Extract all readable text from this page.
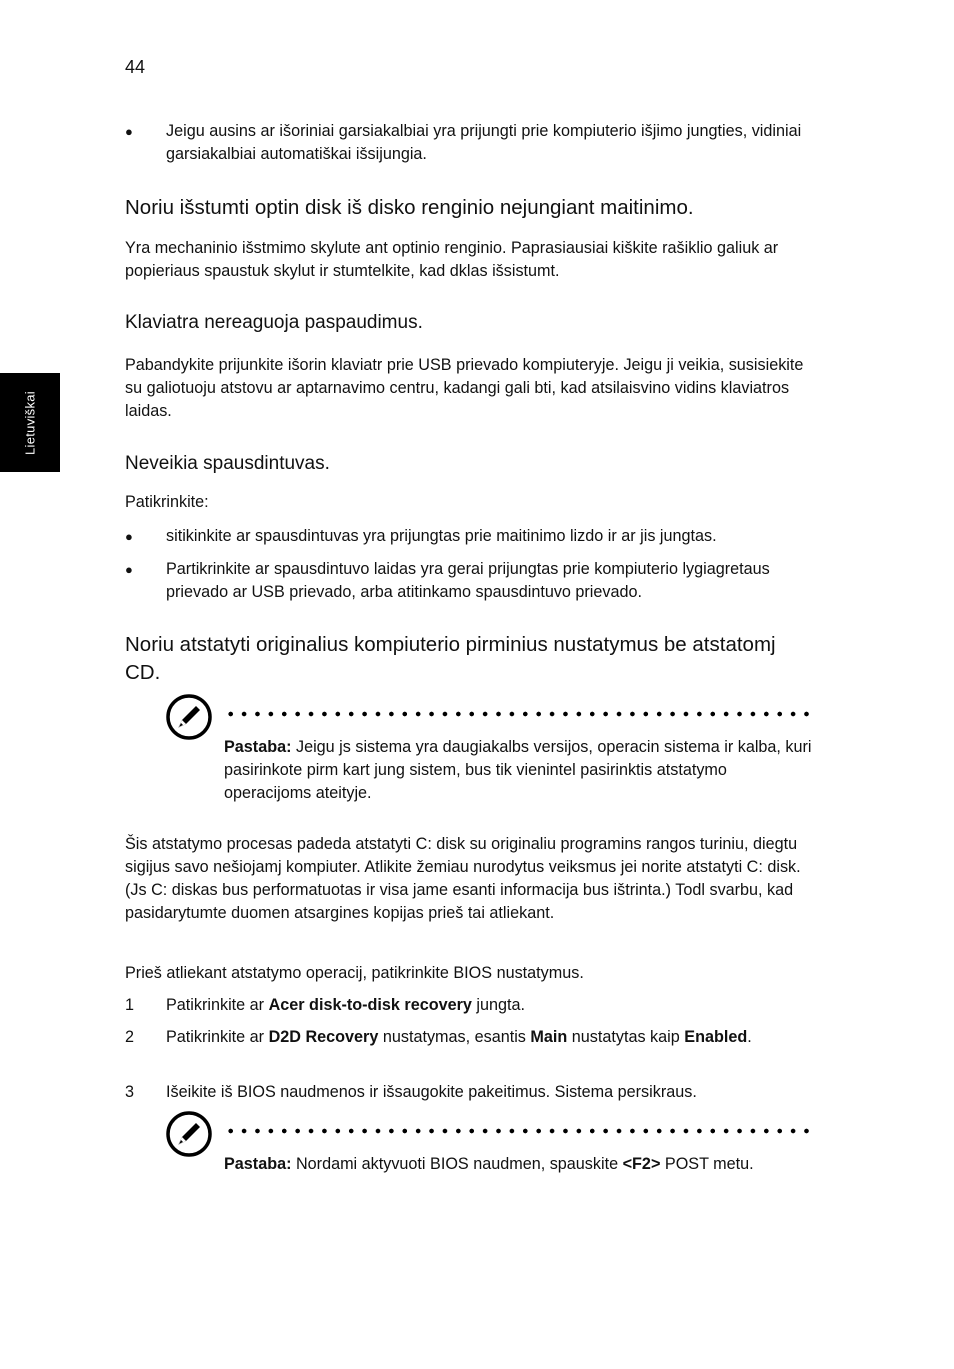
44
Lietuviškai
● Jeigu ausins ar išoriniai garsiakalbiai yra prijungti prie kompiuterio išjimo jungties, vidiniai garsiakalbiai automatiškai išsijungia.
Noriu išstumti optin disk iš disko renginio nejungiant maitinimo.
Yra mechaninio išstmimo skylute ant optinio renginio. Paprasiausiai kiškite rašiklio galiuk ar popieriaus spaustuk skylut ir stumtelkite, kad dklas išsistumt.
Klaviatra nereaguoja paspaudimus.
Pabandykite prijunkite išorin klaviatr prie USB prievado kompiuteryje. Jeigu ji veikia, susisiekite su galiotuoju atstovu ar aptarnavimo centru, kadangi gali bti, kad atsilaisvino vidins klaviatros laidas.
Neveikia spausdintuvas.
Patikrinkite:
● sitikinkite ar spausdintuvas yra prijungtas prie maitinimo lizdo ir ar jis jungtas.
● Partikrinkite ar spausdintuvo laidas yra gerai prijungtas prie kompiuterio lygiagretaus prievado ar USB prievado, arba atitinkamo spausdintuvo prievado.
Noriu atstatyti originalius kompiuterio pirminius nustatymus be atstatomj CD.
Pastaba: Jeigu js sistema yra daugiakalbs versijos, operacin sistema ir kalba, kuri pasirinkote pirm kart jung sistem, bus tik vienintel pasirinktis atstatymo operacijoms ateityje.
Šis atstatymo procesas padeda atstatyti C: disk su originaliu programins rangos turiniu, diegtu sigijus savo nešiojamj kompiuter. Atlikite žemiau nurodytus veiksmus jei norite atstatyti C: disk. (Js C: diskas bus performatuotas ir visa jame esanti informacija bus ištrinta.) Todl svarbu, kad pasidarytumte duomen atsargines kopijas prieš tai atliekant.
Prieš atliekant atstatymo operacij, patikrinkite BIOS nustatymus.
1 Patikrinkite ar Acer disk-to-disk recovery jungta.
2 Patikrinkite ar D2D Recovery nustatymas, esantis Main nustatytas kaip Enabled.
3 Išeikite iš BIOS naudmenos ir išsaugokite pakeitimus. Sistema persikraus.
Pastaba: Nordami aktyvuoti BIOS naudmen, spauskite <F2> POST metu.
